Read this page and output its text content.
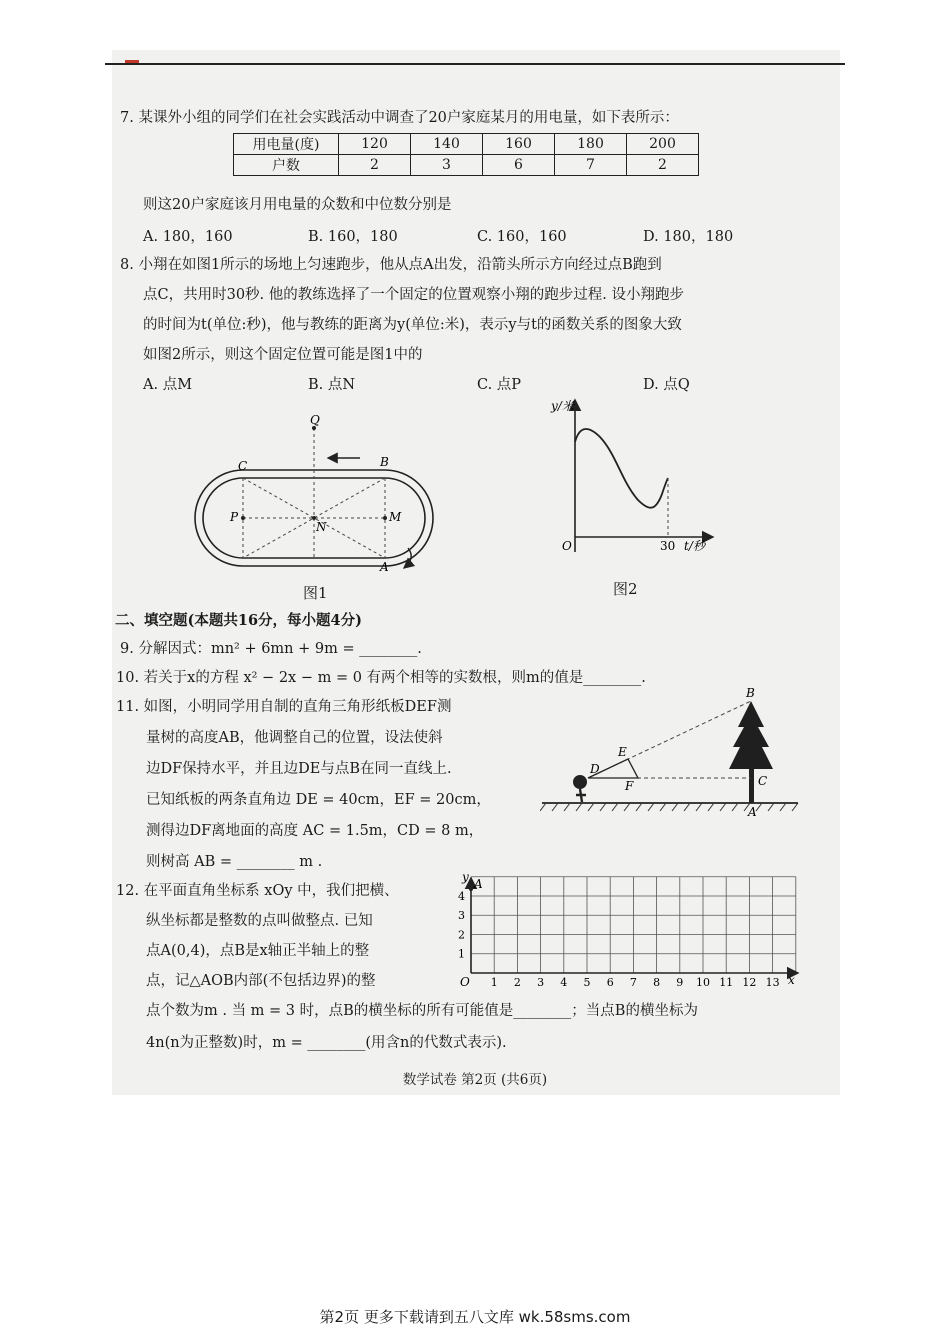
7. 某课外小组的同学们在社会实践活动中调查了20户家庭某月的用电量，如下表所示：
用电量(度)	120	140	160	180	200
户数	2	3	6	7	2
则这20户家庭该月用电量的众数和中位数分别是
A. 180，160	B. 160，180	C. 160，160	D. 180，180
8. 小翔在如图1所示的场地上匀速跑步，他从点A出发，沿箭头所示方向经过点B跑到
点C，共用时30秒. 他的教练选择了一个固定的位置观察小翔的跑步过程. 设小翔跑步
的时间为t(单位:秒)，他与教练的距离为y(单位:米)，表示y与t的函数关系的图象大致
如图2所示，则这个固定位置可能是图1中的
A. 点M	B. 点N	C. 点P	D. 点Q
Q
C	B
P
N
M
A
图1
y/米
O	30 t/秒
图2
二、填空题(本题共16分，每小题4分)
9. 分解因式：mn² + 6mn + 9m = ________.
10. 若关于x的方程 x² − 2x − m = 0 有两个相等的实数根，则m的值是________.
11. 如图，小明同学用自制的直角三角形纸板DEF测
量树的高度AB，他调整自己的位置，设法使斜
边DF保持水平，并且边DE与点B在同一直线上.
已知纸板的两条直角边 DE = 40cm，EF = 20cm，
测得边DF离地面的高度 AC = 1.5m，CD = 8 m，
则树高 AB = ________ m .
B
E
D
F	C
A
12. 在平面直角坐标系 xOy 中，我们把横、
纵坐标都是整数的点叫做整点. 已知
点A(0,4)，点B是x轴正半轴上的整
点，记△AOB内部(不包括边界)的整
点个数为m . 当 m = 3 时，点B的横坐标的所有可能值是________；当点B的横坐标为
4n(n为正整数)时，m = ________(用含n的代数式表示).
y A
O	x
1
2
3
4
1 2 3 4 5 6 7 8 9 10 11 12 13
数学试卷 第2页 (共6页)
第2页 更多下载请到五八文库 wk.58sms.com
